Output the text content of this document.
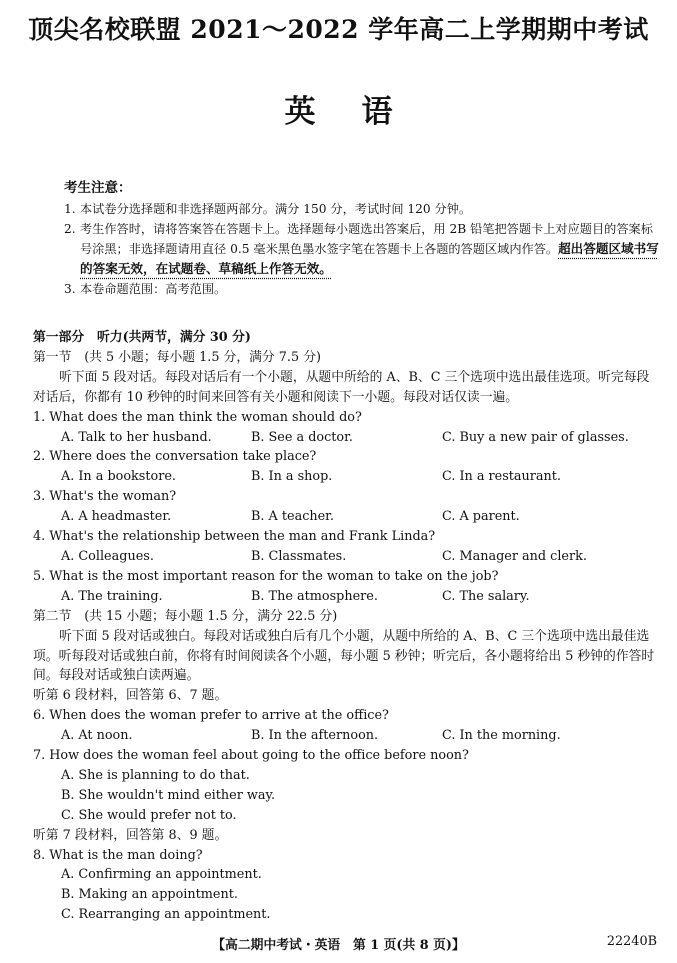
顶尖名校联盟 2021～2022 学年高二上学期期中考试
英语
考生注意：
1. 本试卷分选择题和非选择题两部分。满分 150 分，考试时间 120 分钟。
2. 考生作答时，请将答案答在答题卡上。选择题每小题选出答案后，用 2B 铅笔把答题卡上对应题目的答案标号涂黑；非选择题请用直径 0.5 毫米黑色墨水签字笔在答题卡上各题的答题区域内作答。超出答题区域书写的答案无效，在试题卷、草稿纸上作答无效。
3. 本卷命题范围：高考范围。
第一部分　听力(共两节，满分 30 分)
第一节　(共 5 小题；每小题 1.5 分，满分 7.5 分)
听下面 5 段对话。每段对话后有一个小题，从题中所给的 A、B、C 三个选项中选出最佳选项。听完每段对话后，你都有 10 秒钟的时间来回答有关小题和阅读下一小题。每段对话仅读一遍。
1. What does the man think the woman should do?
A. Talk to her husband.	B. See a doctor.	C. Buy a new pair of glasses.
2. Where does the conversation take place?
A. In a bookstore.	B. In a shop.	C. In a restaurant.
3. What's the woman?
A. A headmaster.	B. A teacher.	C. A parent.
4. What's the relationship between the man and Frank Linda?
A. Colleagues.	B. Classmates.	C. Manager and clerk.
5. What is the most important reason for the woman to take on the job?
A. The training.	B. The atmosphere.	C. The salary.
第二节　(共 15 小题；每小题 1.5 分，满分 22.5 分)
听下面 5 段对话或独白。每段对话或独白后有几个小题，从题中所给的 A、B、C 三个选项中选出最佳选项。听每段对话或独白前，你将有时间阅读各个小题，每小题 5 秒钟；听完后，各小题将给出 5 秒钟的作答时间。每段对话或独白读两遍。
听第 6 段材料，回答第 6、7 题。
6. When does the woman prefer to arrive at the office?
A. At noon.	B. In the afternoon.	C. In the morning.
7. How does the woman feel about going to the office before noon?
A. She is planning to do that.
B. She wouldn't mind either way.
C. She would prefer not to.
听第 7 段材料，回答第 8、9 题。
8. What is the man doing?
A. Confirming an appointment.
B. Making an appointment.
C. Rearranging an appointment.
【高二期中考试・英语　第 1 页(共 8 页)】	22240B
